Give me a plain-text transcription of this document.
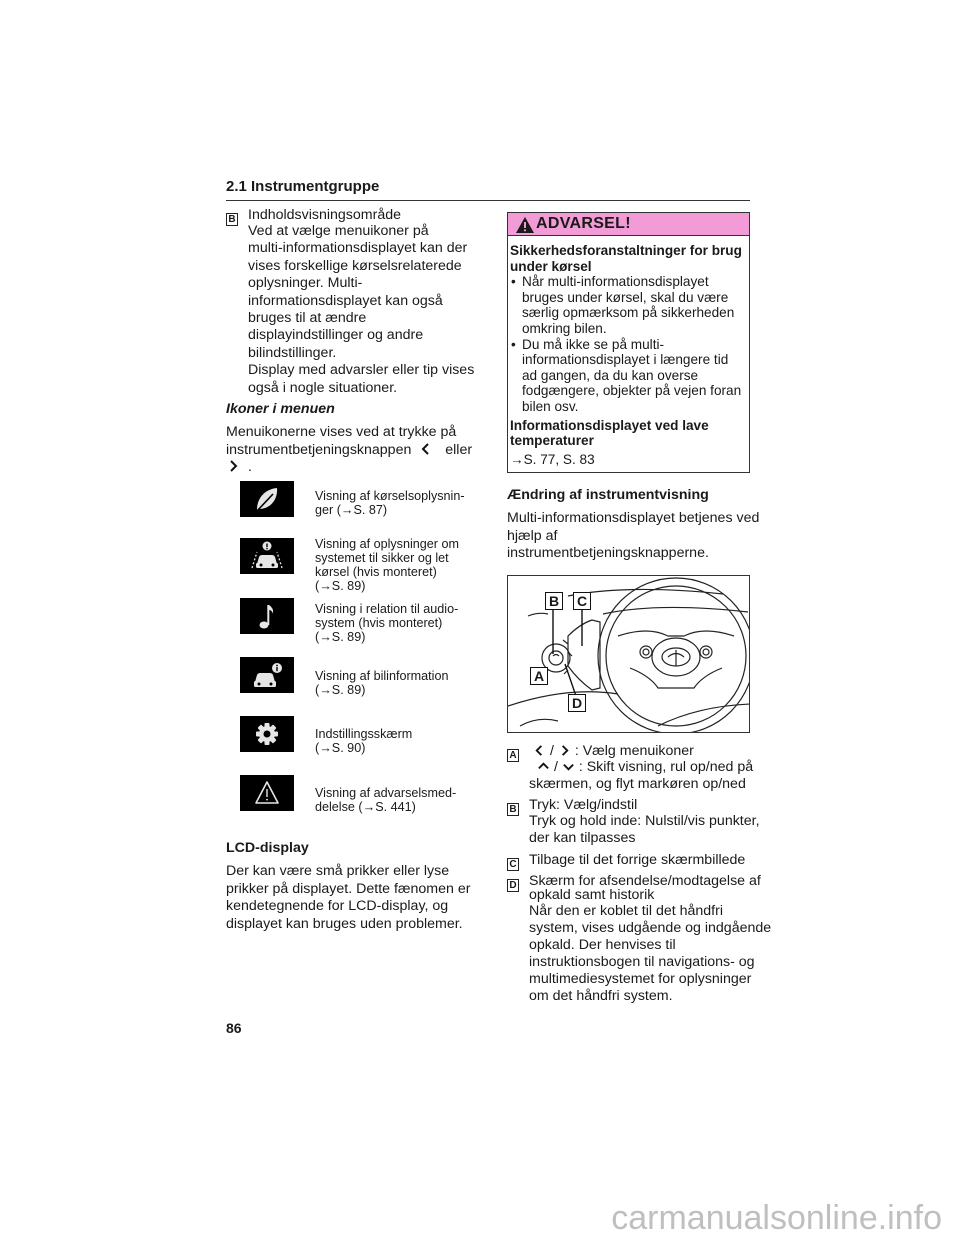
2.1 Instrumentgruppe
B Indholdsvisningsområde
Ved at vælge menuikoner på
multi-informationsdisplayet kan der
vises forskellige kørselsrelaterede
oplysninger. Multi-
informationsdisplayet kan også
bruges til at ændre
displayindstillinger og andre
bilindstillinger.
Display med advarsler eller tip vises
også i nogle situationer.
Ikoner i menuen
Menuikonerne vises ved at trykke på
instrumentbetjeningsknappen eller
.
Visning af kørselsoplysnin-
ger (→S. 87)
Visning af oplysninger om
systemet til sikker og let
kørsel (hvis monteret)
(→S. 89)
Visning i relation til audio-
system (hvis monteret)
(→S. 89)
Visning af bilinformation
(→S. 89)
Indstillingsskærm
(→S. 90)
Visning af advarselsmed-
delelse (→S. 441)
LCD-display
Der kan være små prikker eller lyse
prikker på displayet. Dette fænomen er
kendetegnende for LCD-display, og
displayet kan bruges uden problemer.
ADVARSEL!
Sikkerhedsforanstaltninger for brug
under kørsel
• Når multi-informationsdisplayet
bruges under kørsel, skal du være
særlig opmærksom på sikkerheden
omkring bilen.
• Du må ikke se på multi-
informationsdisplayet i længere tid
ad gangen, da du kan overse
fodgængere, objekter på vejen foran
bilen osv.
Informationsdisplayet ved lave
temperaturer
→S. 77, S. 83
Ændring af instrumentvisning
Multi-informationsdisplayet betjenes ved
hjælp af
instrumentbetjeningsknapperne.
B C
A
D
A	/ : Vælg menuikoner
/ : Skift visning, rul op/ned på
skærmen, og flyt markøren op/ned
B Tryk: Vælg/indstil
Tryk og hold inde: Nulstil/vis punkter,
der kan tilpasses
C Tilbage til det forrige skærmbillede
D Skærm for afsendelse/modtagelse af
opkald samt historik
Når den er koblet til det håndfri
system, vises udgående og indgående
opkald. Der henvises til
instruktionsbogen til navigations- og
multimediesystemet for oplysninger
om det håndfri system.
86
carmanualsonline.info
